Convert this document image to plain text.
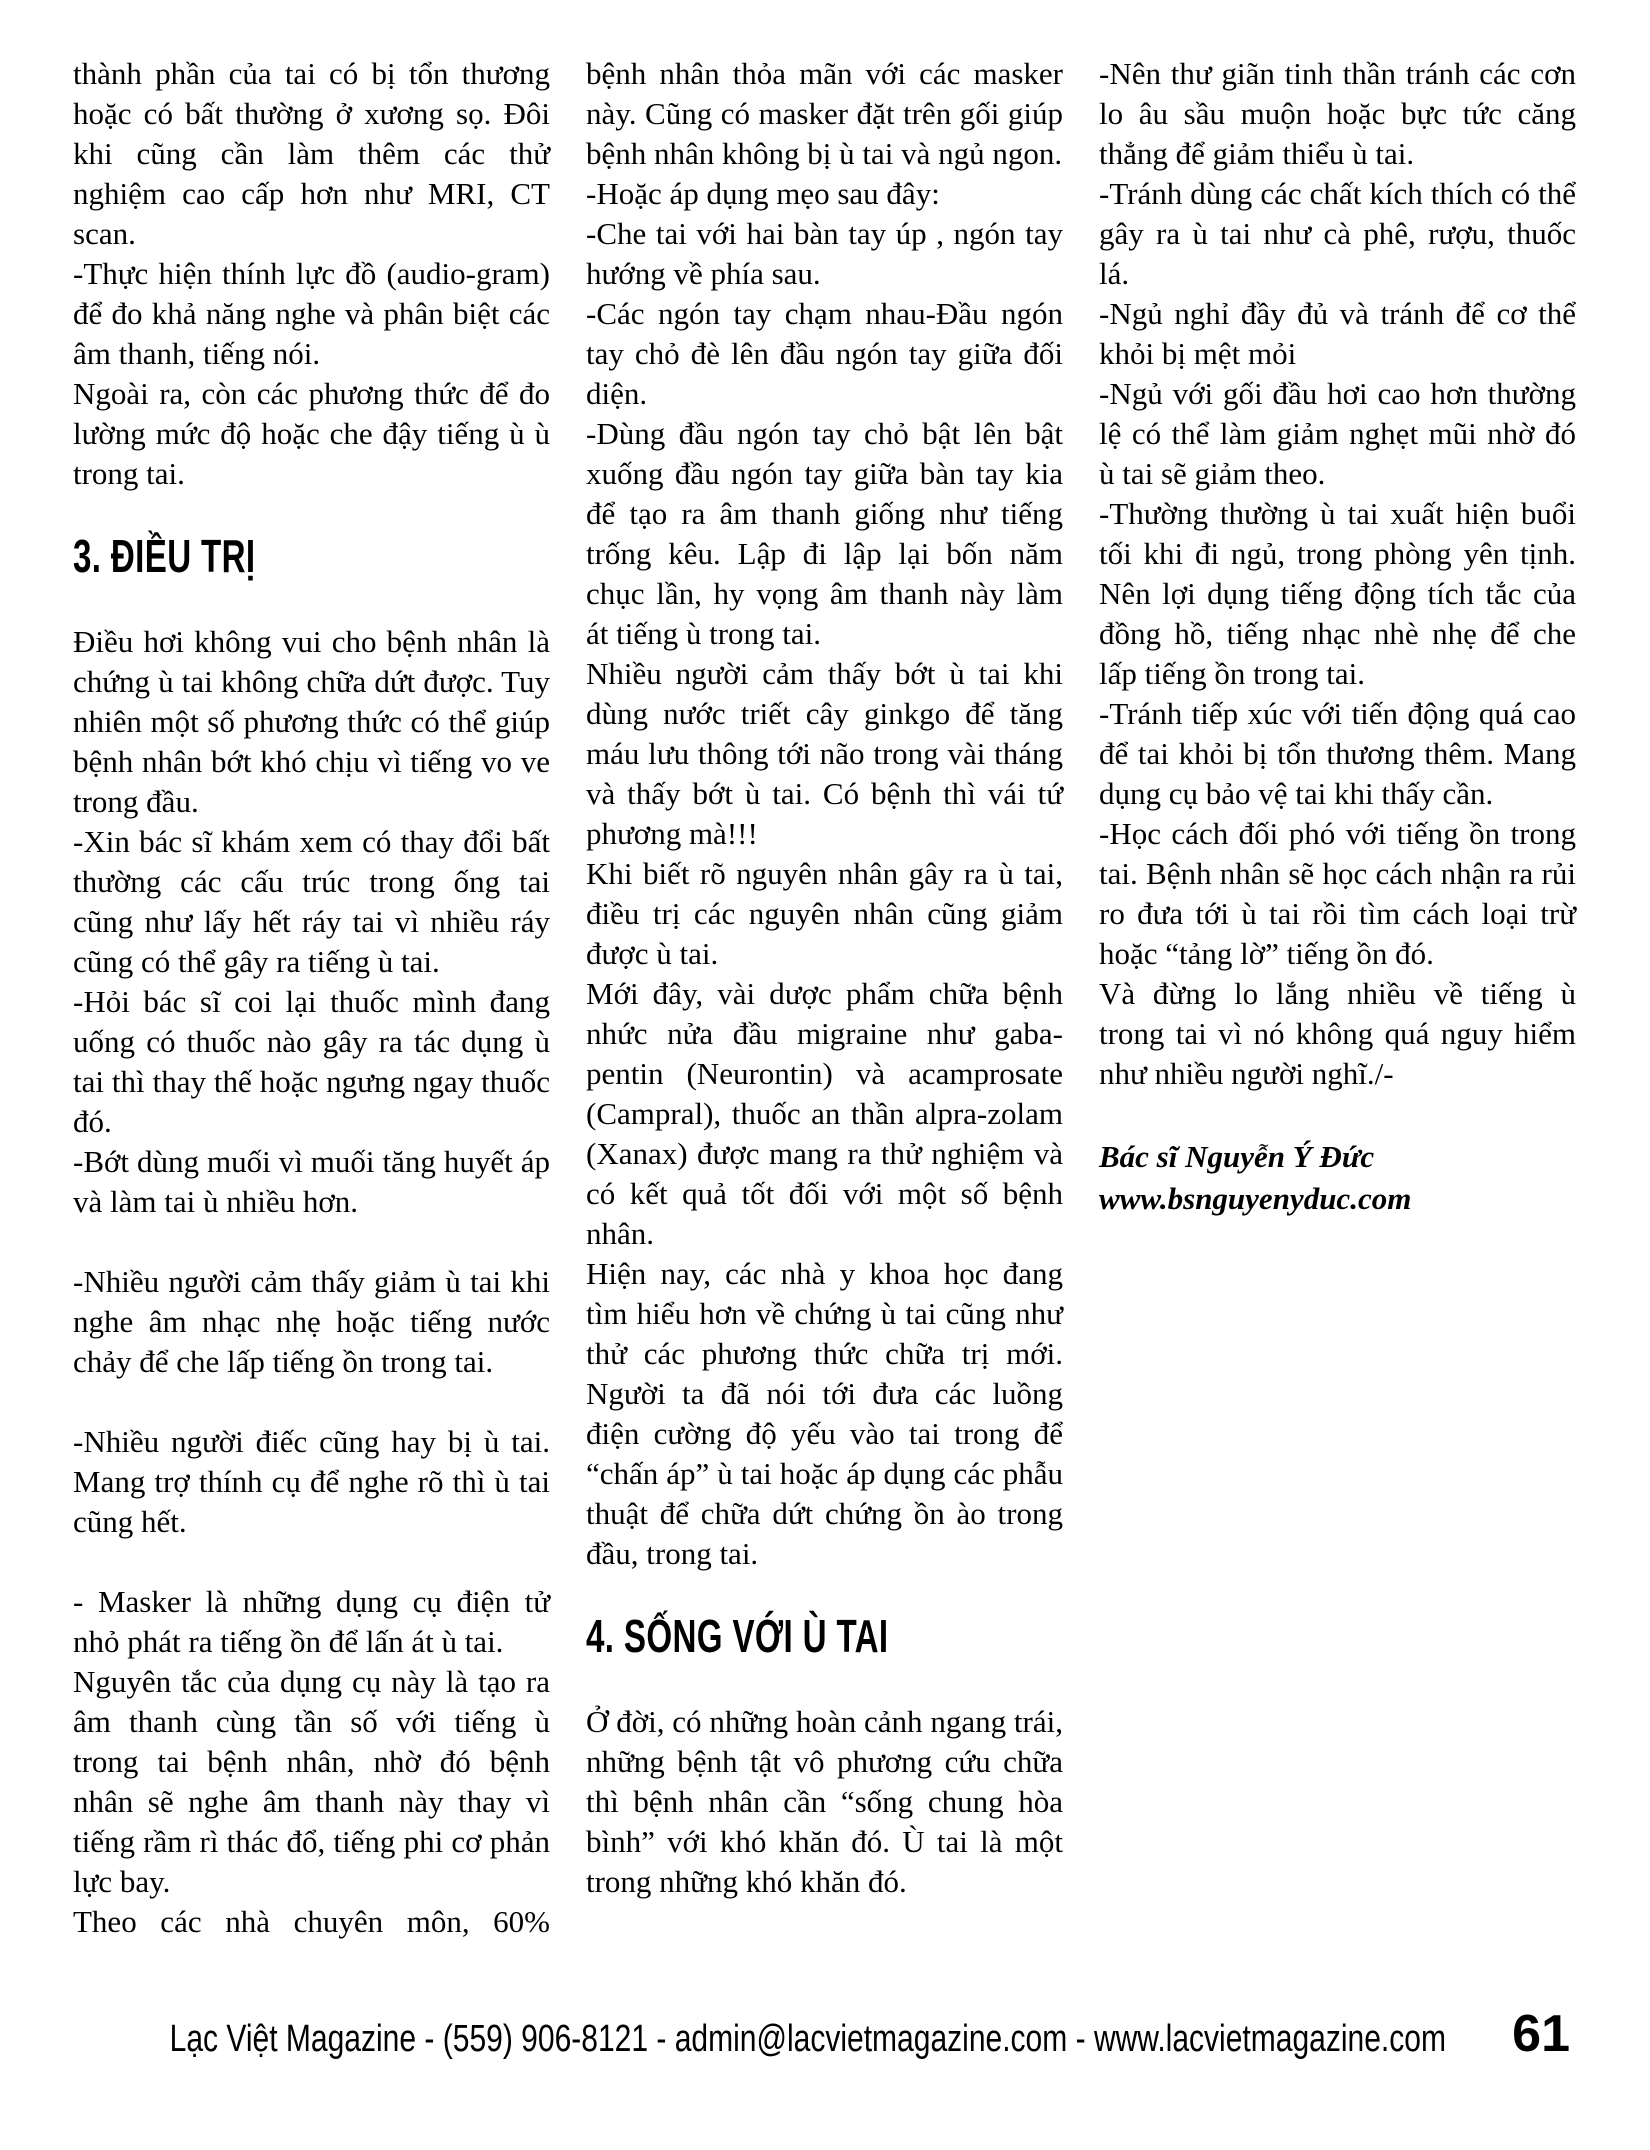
thành phần của tai có bị tổn thương hoặc có bất thường ở xương sọ. Đôi khi cũng cần làm thêm các thử nghiệm cao cấp hơn như MRI, CT scan.

-Thực hiện thính lực đồ (audio-gram) để đo khả năng nghe và phân biệt các âm thanh, tiếng nói.

Ngoài ra, còn các phương thức để đo lường mức độ hoặc che đậy tiếng ù ù trong tai.

3. ĐIỀU TRỊ

Điều hơi không vui cho bệnh nhân là chứng ù tai không chữa dứt được. Tuy nhiên một số phương thức có thể giúp bệnh nhân bớt khó chịu vì tiếng vo ve trong đầu.

-Xin bác sĩ khám xem có thay đổi bất thường các cấu trúc trong ống tai cũng như lấy hết ráy tai vì nhiều ráy cũng có thể gây ra tiếng ù tai.

-Hỏi bác sĩ coi lại thuốc mình đang uống có thuốc nào gây ra tác dụng ù tai thì thay thế hoặc ngưng ngay thuốc đó.

-Bớt dùng muối vì muối tăng huyết áp và làm tai ù nhiều hơn.

-Nhiều người cảm thấy giảm ù tai khi nghe âm nhạc nhẹ hoặc tiếng nước chảy để che lấp tiếng ồn trong tai.

-Nhiều người điếc cũng hay bị ù tai. Mang trợ thính cụ để nghe rõ thì ù tai cũng hết.

- Masker là những dụng cụ điện tử nhỏ phát ra tiếng ồn để lấn át ù tai.

Nguyên tắc của dụng cụ này là tạo ra âm thanh cùng tần số với tiếng ù trong tai bệnh nhân, nhờ đó bệnh nhân sẽ nghe âm thanh này thay vì tiếng rầm rì thác đổ, tiếng phi cơ phản lực bay.

Theo các nhà chuyên môn, 60%

bệnh nhân thỏa mãn với các masker này. Cũng có masker đặt trên gối giúp bệnh nhân không bị ù tai và ngủ ngon.

-Hoặc áp dụng mẹo sau đây:

-Che tai với hai bàn tay úp , ngón tay hướng về phía sau.

-Các ngón tay chạm nhau-Đầu ngón tay chỏ đè lên đầu ngón tay giữa đối diện.

-Dùng đầu ngón tay chỏ bật lên bật xuống đầu ngón tay giữa bàn tay kia để tạo ra âm thanh giống như tiếng trống kêu. Lập đi lập lại bốn năm chục lần, hy vọng âm thanh này làm át tiếng ù trong tai.

Nhiều người cảm thấy bớt ù tai khi dùng nước triết cây ginkgo để tăng máu lưu thông tới não trong vài tháng và thấy bớt ù tai. Có bệnh thì vái tứ phương mà!!!

Khi biết rõ nguyên nhân gây ra ù tai, điều trị các nguyên nhân cũng giảm được ù tai.

Mới đây, vài dược phẩm chữa bệnh nhức nửa đầu migraine như gaba-pentin (Neurontin) và acamprosate (Campral), thuốc an thần alpra-zolam (Xanax) được mang ra thử nghiệm và có kết quả tốt đối với một số bệnh nhân.

Hiện nay, các nhà y khoa học đang tìm hiểu hơn về chứng ù tai cũng như thử các phương thức chữa trị mới. Người ta đã nói tới đưa các luồng điện cường độ yếu vào tai trong để “chấn áp” ù tai hoặc áp dụng các phẫu thuật để chữa dứt chứng ồn ào trong đầu, trong tai.

4. SỐNG VỚI Ù TAI

Ở đời, có những hoàn cảnh ngang trái, những bệnh tật vô phương cứu chữa thì bệnh nhân cần “sống chung hòa bình” với khó khăn đó. Ù tai là một trong những khó khăn đó.

-Nên thư giãn tinh thần tránh các cơn lo âu sầu muộn hoặc bực tức căng thẳng để giảm thiểu ù tai.

-Tránh dùng các chất kích thích có thể gây ra ù tai như cà phê, rượu, thuốc lá.

-Ngủ nghỉ đầy đủ và tránh để cơ thể khỏi bị mệt mỏi

-Ngủ với gối đầu hơi cao hơn thường lệ có thể làm giảm nghẹt mũi nhờ đó ù tai sẽ giảm theo.

-Thường thường ù tai xuất hiện buổi tối khi đi ngủ, trong phòng yên tịnh. Nên lợi dụng tiếng động tích tắc của đồng hồ, tiếng nhạc nhè nhẹ để che lấp tiếng ồn trong tai.

-Tránh tiếp xúc với tiến động quá cao để tai khỏi bị tổn thương thêm. Mang dụng cụ bảo vệ tai khi thấy cần.

-Học cách đối phó với tiếng ồn trong tai. Bệnh nhân sẽ học cách nhận ra rủi ro đưa tới ù tai rồi tìm cách loại trừ hoặc “tảng lờ” tiếng ồn đó.

Và đừng lo lắng nhiều về tiếng ù trong tai vì nó không quá nguy hiểm như nhiều người nghĩ./-

Bác sĩ Nguyễn Ý Đức
www.bsnguyenyduc.com
Lạc Việt Magazine - (559) 906-8121 - admin@lacvietmagazine.com - www.lacvietmagazine.com	61
